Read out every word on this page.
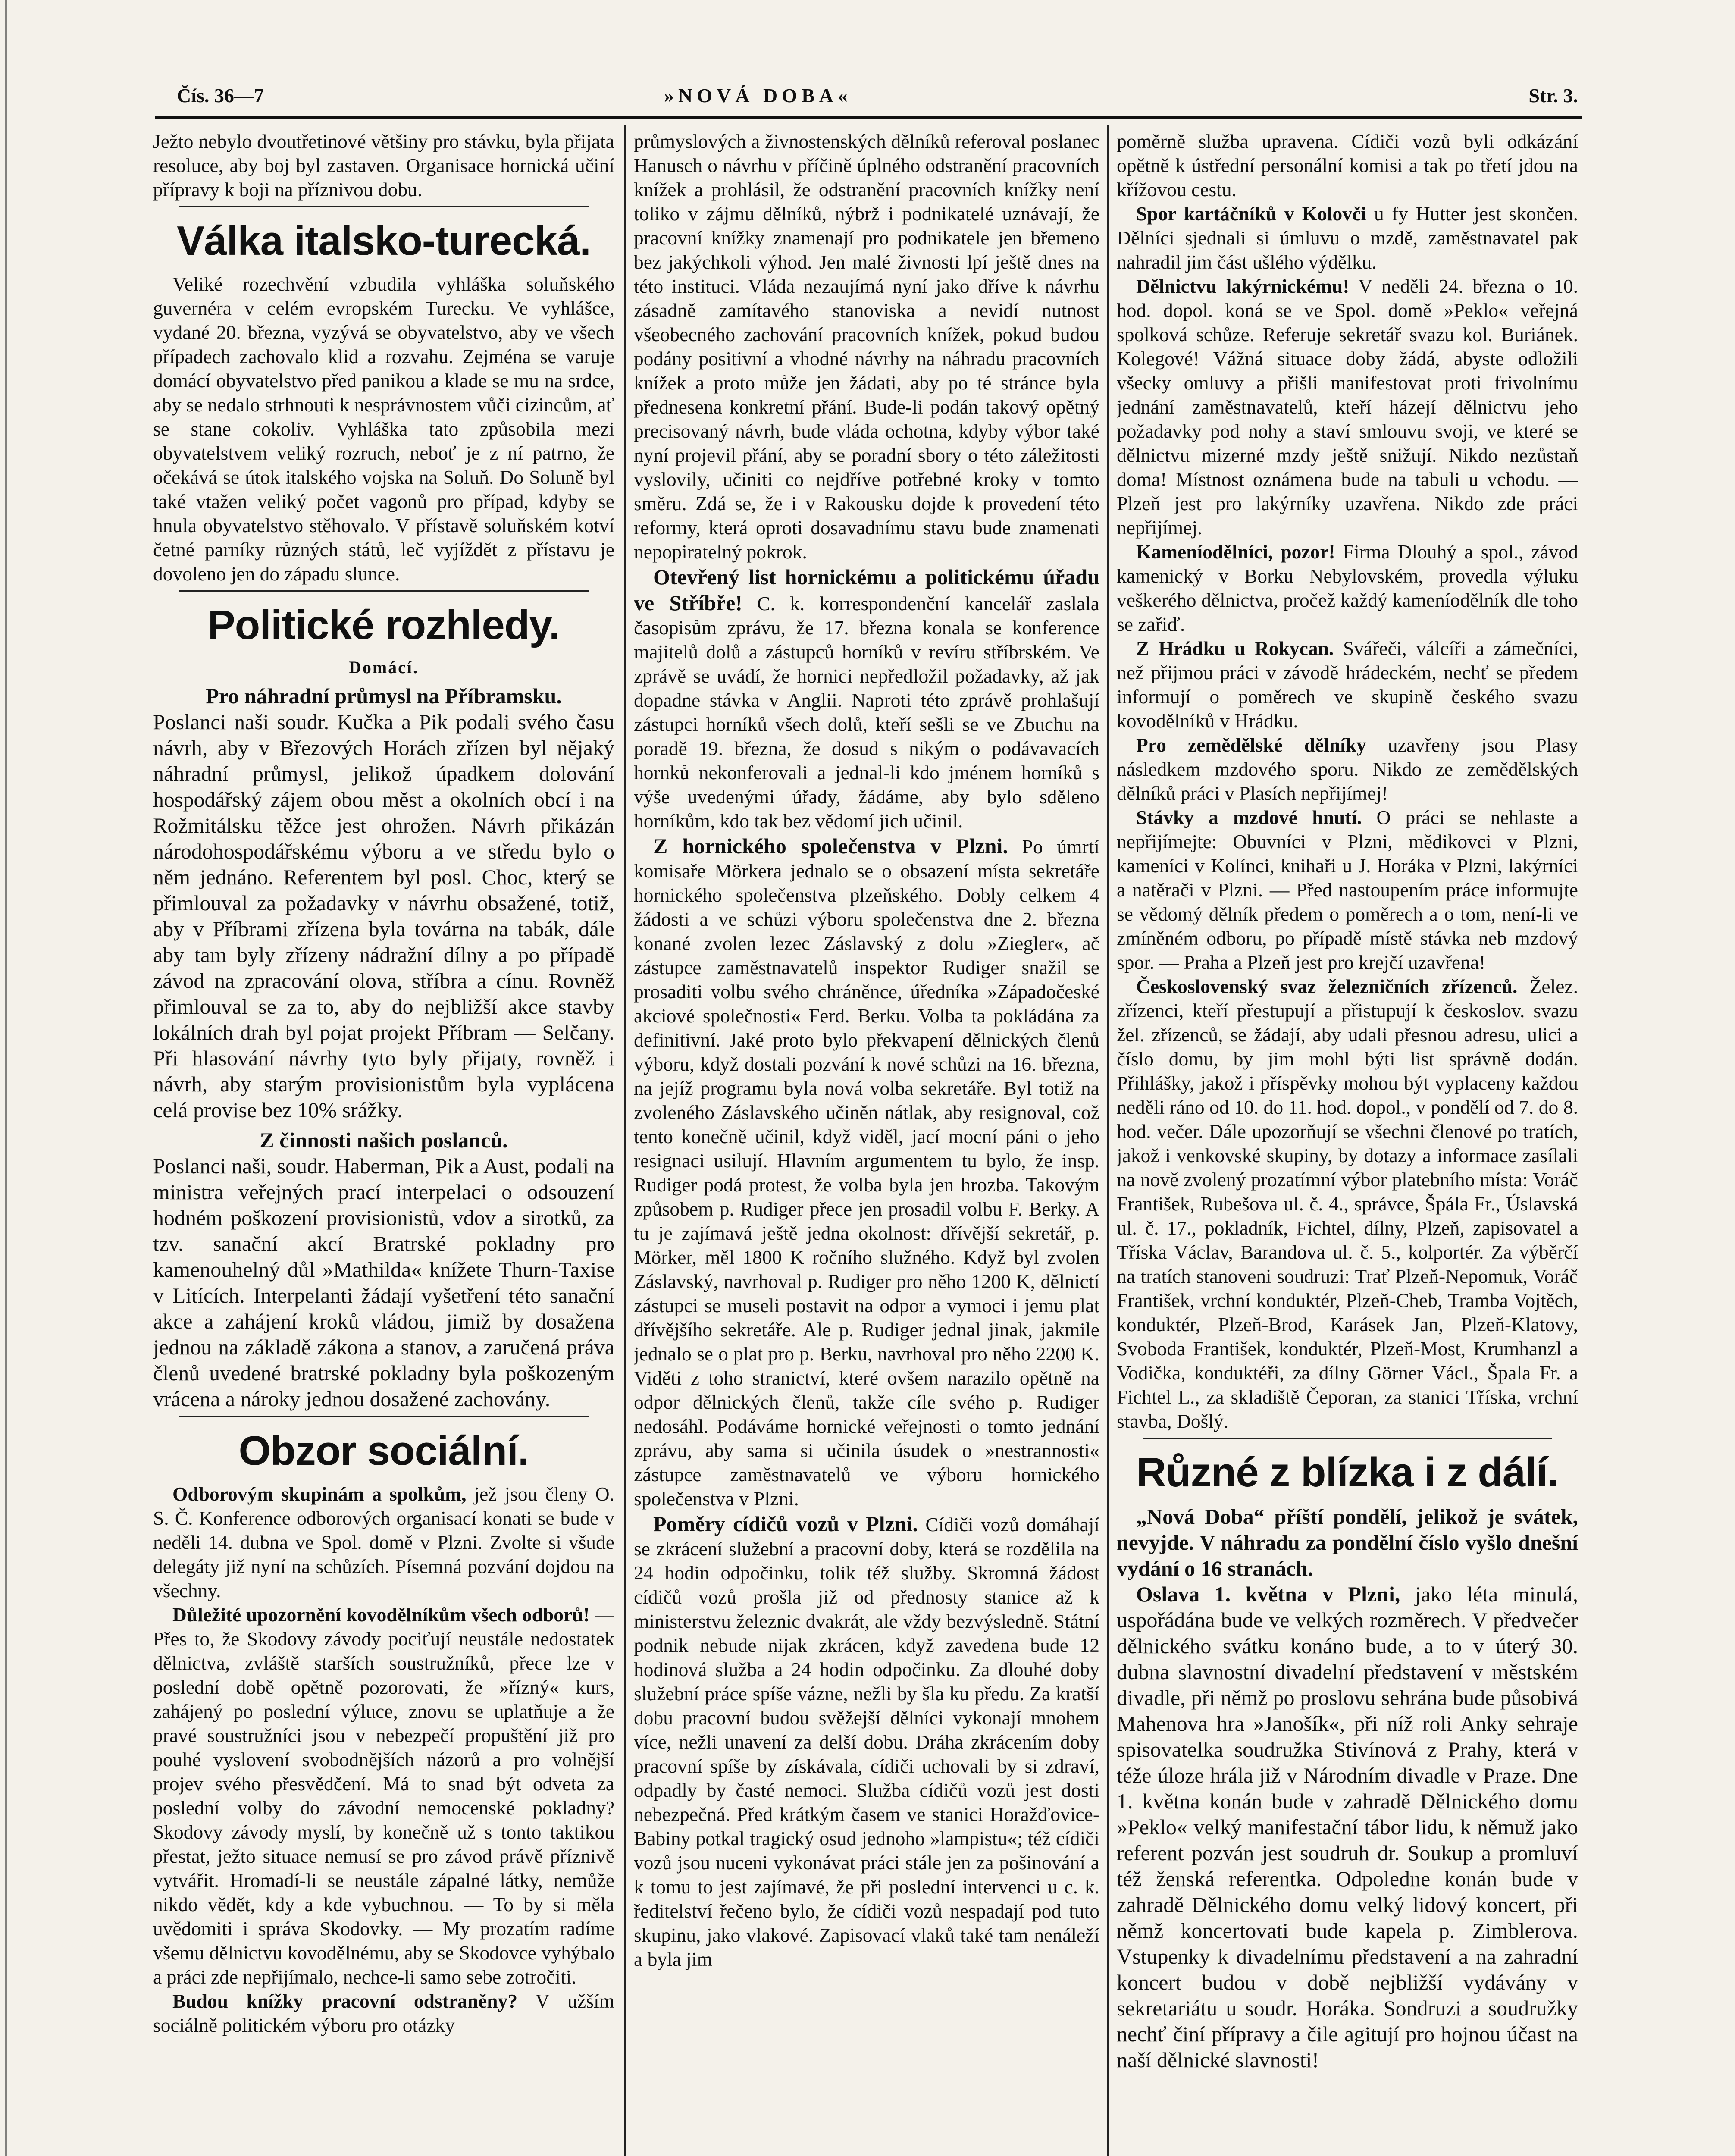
Čís. 36—7	»NOVÁ DOBA«	Str. 3.

Ježto nebylo dvoutřetinové většiny pro stávku, byla přijata resoluce, aby boj byl zastaven. Organisace hornická učiní přípravy k boji na příznivou dobu.

Válka italsko-turecká.

Veliké rozechvění vzbudila vyhláška soluňského guvernéra v celém evropském Turecku. Ve vyhlášce, vydané 20. března, vyzývá se obyvatelstvo, aby ve všech případech zachovalo klid a rozvahu. Zejména se varuje domácí obyvatelstvo před panikou a klade se mu na srdce, aby se nedalo strhnouti k nesprávnostem vůči cizincům, ať se stane cokoliv. Vyhláška tato způsobila mezi obyvatelstvem veliký rozruch, neboť je z ní patrno, že očekává se útok italského vojska na Soluň. Do Soluně byl také vtažen veliký počet vagonů pro případ, kdyby se hnula obyvatelstvo stěhovalo. V přístavě soluňském kotví četné parníky různých států, leč vyjíždět z přístavu je dovoleno jen do západu slunce.

Politické rozhledy.
Domácí.
Pro náhradní průmysl na Příbramsku.

Poslanci naši soudr. Kučka a Pik podali svého času návrh, aby v Březových Horách zřízen byl nějaký náhradní průmysl, jelikož úpadkem dolování hospodářský zájem obou měst a okolních obcí i na Rožmitálsku těžce jest ohrožen. Návrh přikázán národohospodářskému výboru a ve středu bylo o něm jednáno. Referentem byl posl. Choc, který se přimlouval za požadavky v návrhu obsažené, totiž, aby v Příbrami zřízena byla továrna na tabák, dále aby tam byly zřízeny nádražní dílny a po případě závod na zpracování olova, stříbra a cínu. Rovněž přimlouval se za to, aby do nejbližší akce stavby lokálních drah byl pojat projekt Příbram — Selčany. Při hlasování návrhy tyto byly přijaty, rovněž i návrh, aby starým provisionistům byla vyplácena celá provise bez 10% srážky.

Z činnosti našich poslanců.

Poslanci naši, soudr. Haberman, Pik a Aust, podali na ministra veřejných prací interpelaci o odsouzení hodném poškození provisionistů, vdov a sirotků, za tzv. sanační akcí Bratrské pokladny pro kamenouhelný důl »Mathilda« knížete Thurn-Taxise v Litících. Interpelanti žádají vyšetření této sanační akce a zahájení kroků vládou, jimiž by dosažena jednou na základě zákona a stanov, a zaručená práva členů uvedené bratrské pokladny byla poškozeným vrácena a nároky jednou dosažené zachovány.

Obzor sociální.

Odborovým skupinám a spolkům, jež jsou členy O. S. Č. Konference odborových organisací konati se bude v neděli 14. dubna ve Spol. domě v Plzni. Zvolte si všude delegáty již nyní na schůzích. Písemná pozvání dojdou na všechny.

Důležité upozornění kovodělníkům všech odborů! — Přes to, že Skodovy závody pociťují neustále nedostatek dělnictva, zvláště starších soustružníků, přece lze v poslední době opětně pozorovati, že »řízný« kurs, zahájený po poslední výluce, znovu se uplatňuje a že pravé soustružníci jsou v nebezpečí propuštění již pro pouhé vyslovení svobodnějších názorů a pro volnější projev svého přesvědčení. Má to snad být odveta za poslední volby do závodní nemocenské pokladny? Skodovy závody myslí, by konečně už s tonto taktikou přestat, ježto situace nemusí se pro závod právě příznivě vytvářit. Hromadí-li se neustále zápalné látky, nemůže nikdo vědět, kdy a kde vybuchnou. — To by si měla uvědomiti i správa Skodovky. — My prozatím radíme všemu dělnictvu kovodělnému, aby se Skodovce vyhýbalo a práci zde nepřijímalo, nechce-li samo sebe zotročiti.

Budou knížky pracovní odstraněny? V užším sociálně politickém výboru pro otázky

průmyslových a živnostenských dělníků referoval poslanec Hanusch o návrhu v příčině úplného odstranění pracovních knížek a prohlásil, že odstranění pracovních knížky není toliko v zájmu dělníků, nýbrž i podnikatelé uznávají, že pracovní knížky znamenají pro podnikatele jen břemeno bez jakýchkoli výhod. Jen malé živnosti lpí ještě dnes na této instituci. Vláda nezaujímá nyní jako dříve k návrhu zásadně zamítavého stanoviska a nevidí nutnost všeobecného zachování pracovních knížek, pokud budou podány positivní a vhodné návrhy na náhradu pracovních knížek a proto může jen žádati, aby po té stránce byla přednesena konkretní přání. Bude-li podán takový opětný precisovaný návrh, bude vláda ochotna, kdyby výbor také nyní projevil přání, aby se poradní sbory o této záležitosti vyslovily, učiniti co nejdříve potřebné kroky v tomto směru. Zdá se, že i v Rakousku dojde k provedení této reformy, která oproti dosavadnímu stavu bude znamenati nepopiratelný pokrok.

Otevřený list hornickému a politickému úřadu ve Stříbře! C. k. korrespondenční kancelář zaslala časopisům zprávu, že 17. března konala se konference majitelů dolů a zástupců horníků v revíru stříbrském. Ve zprávě se uvádí, že hornici nepředložil požadavky, až jak dopadne stávka v Anglii. Naproti této zprávě prohlašují zástupci horníků všech dolů, kteří sešli se ve Zbuchu na poradě 19. března, že dosud s nikým o podávavacích hornků nekonferovali a jednal-li kdo jménem horníků s výše uvedenými úřady, žádáme, aby bylo sděleno horníkům, kdo tak bez vědomí jich učinil.

Z hornického společenstva v Plzni. Po úmrtí komisaře Mörkera jednalo se o obsazení místa sekretáře hornického společenstva plzeňského. Dobly celkem 4 žádosti a ve schůzi výboru společenstva dne 2. března konané zvolen lezec Záslavský z dolu »Ziegler«, ač zástupce zaměstnavatelů inspektor Rudiger snažil se prosaditi volbu svého chráněnce, úředníka »Západočeské akciové společnosti« Ferd. Berku. Volba ta pokládána za definitivní. Jaké proto bylo překvapení dělnických členů výboru, když dostali pozvání k nové schůzi na 16. března, na jejíž programu byla nová volba sekretáře. Byl totiž na zvoleného Záslavského učiněn nátlak, aby resignoval, což tento konečně učinil, když viděl, jací mocní páni o jeho resignaci usilují. Hlavním argumentem tu bylo, že insp. Rudiger podá protest, že volba byla jen hrozba. Takovým způsobem p. Rudiger přece jen prosadil volbu F. Berky. A tu je zajímavá ještě jedna okolnost: dřívější sekretář, p. Mörker, měl 1800 K ročního služného. Když byl zvolen Záslavský, navrhoval p. Rudiger pro něho 1200 K, dělnictí zástupci se museli postavit na odpor a vymoci i jemu plat dřívějšího sekretáře. Ale p. Rudiger jednal jinak, jakmile jednalo se o plat pro p. Berku, navrhoval pro něho 2200 K. Viděti z toho stranictví, které ovšem narazilo opětně na odpor dělnických členů, takže cíle svého p. Rudiger nedosáhl. Podáváme hornické veřejnosti o tomto jednání zprávu, aby sama si učinila úsudek o »nestrannosti« zástupce zaměstnavatelů ve výboru hornického společenstva v Plzni.

Poměry cídičů vozů v Plzni. Cídiči vozů domáhají se zkrácení služební a pracovní doby, která se rozdělila na 24 hodin odpočinku, tolik též služby. Skromná žádost cídičů vozů prošla již od přednosty stanice až k ministerstvu železnic dvakrát, ale vždy bezvýsledně. Státní podnik nebude nijak zkrácen, když zavedena bude 12 hodinová služba a 24 hodin odpočinku. Za dlouhé doby služební práce spíše vázne, nežli by šla ku předu. Za kratší dobu pracovní budou svěžejší dělníci vykonají mnohem více, nežli unavení za delší dobu. Dráha zkrácením doby pracovní spíše by získávala, cídiči uchovali by si zdraví, odpadly by časté nemoci. Služba cídičů vozů jest dosti nebezpečná. Před krátkým časem ve stanici Horažďovice-Babiny potkal tragický osud jednoho »lampistu«; též cídiči vozů jsou nuceni vykonávat práci stále jen za pošinování a k tomu to jest zajímavé, že při poslední intervenci u c. k. ředitelství řečeno bylo, že cídiči vozů nespadají pod tuto skupinu, jako vlakové. Zapisovací vlaků také tam nenáleží a byla jim

poměrně služba upravena. Cídiči vozů byli odkázání opětně k ústřední personální komisi a tak po třetí jdou na křížovou cestu.

Spor kartáčníků v Kolovči u fy Hutter jest skončen. Dělníci sjednali si úmluvu o mzdě, zaměstnavatel pak nahradil jim část ušlého výdělku.

Dělnictvu lakýrnickému! V neděli 24. března o 10. hod. dopol. koná se ve Spol. domě »Peklo« veřejná spolková schůze. Referuje sekretář svazu kol. Buriánek. Kolegové! Vážná situace doby žádá, abyste odložili všecky omluvy a přišli manifestovat proti frivolnímu jednání zaměstnavatelů, kteří házejí dělnictvu jeho požadavky pod nohy a staví smlouvu svoji, ve které se dělnictvu mizerné mzdy ještě snižují. Nikdo nezůstaň doma! Místnost oznámena bude na tabuli u vchodu. — Plzeň jest pro lakýrníky uzavřena. Nikdo zde práci nepřijímej.

Kameníodělníci, pozor! Firma Dlouhý a spol., závod kamenický v Borku Nebylovském, provedla výluku veškerého dělnictva, pročež každý kameníodělník dle toho se zařiď.

Z Hrádku u Rokycan. Svářeči, válcíři a zámečníci, než přijmou práci v závodě hrádeckém, nechť se předem informují o poměrech ve skupině českého svazu kovodělníků v Hrádku.

Pro zemědělské dělníky uzavřeny jsou Plasy následkem mzdového sporu. Nikdo ze zemědělských dělníků práci v Plasích nepřijímej!

Stávky a mzdové hnutí. O práci se nehlaste a nepřijímejte: Obuvníci v Plzni, mědikovci v Plzni, kameníci v Kolínci, knihaři u J. Horáka v Plzni, lakýrníci a natěrači v Plzni. — Před nastoupením práce informujte se vědomý dělník předem o poměrech a o tom, není-li ve zmíněném odboru, po případě místě stávka neb mzdový spor. — Praha a Plzeň jest pro krejčí uzavřena!

Československý svaz železničních zřízenců. Želez. zřízenci, kteří přestupují a přistupují k českoslov. svazu žel. zřízenců, se žádají, aby udali přesnou adresu, ulici a číslo domu, by jim mohl býti list správně dodán. Přihlášky, jakož i příspěvky mohou být vyplaceny každou neděli ráno od 10. do 11. hod. dopol., v pondělí od 7. do 8. hod. večer. Dále upozorňují se všechni členové po tratích, jakož i venkovské skupiny, by dotazy a informace zasílali na nově zvolený prozatímní výbor platebního místa: Voráč František, Rubešova ul. č. 4., správce, Špála Fr., Úslavská ul. č. 17., pokladník, Fichtel, dílny, Plzeň, zapisovatel a Tříska Václav, Barandova ul. č. 5., kolportér. Za výběrčí na tratích stanoveni soudruzi: Trať Plzeň-Nepomuk, Voráč František, vrchní konduktér, Plzeň-Cheb, Tramba Vojtěch, konduktér, Plzeň-Brod, Karásek Jan, Plzeň-Klatovy, Svoboda František, konduktér, Plzeň-Most, Krumhanzl a Vodička, konduktéři, za dílny Görner Václ., Špala Fr. a Fichtel L., za skladiště Čeporan, za stanici Tříska, vrchní stavba, Došlý.

Různé z blízka i z dálí.

„Nová Doba“ příští pondělí, jelikož je svátek, nevyjde. V náhradu za pondělní číslo vyšlo dnešní vydání o 16 stranách.

Oslava 1. května v Plzni, jako léta minulá, uspořádána bude ve velkých rozměrech. V předvečer dělnického svátku konáno bude, a to v úterý 30. dubna slavnostní divadelní představení v městském divadle, při němž po proslovu sehrána bude působivá Mahenova hra »Janošík«, při níž roli Anky sehraje spisovatelka soudružka Stivínová z Prahy, která v téže úloze hrála již v Národním divadle v Praze. Dne 1. května konán bude v zahradě Dělnického domu »Peklo« velký manifestační tábor lidu, k němuž jako referent pozván jest soudruh dr. Soukup a promluví též ženská referentka. Odpoledne konán bude v zahradě Dělnického domu velký lidový koncert, při němž koncertovati bude kapela p. Zimblerova. Vstupenky k divadelnímu představení a na zahradní koncert budou v době nejbližší vydávány v sekretariátu u soudr. Horáka. Sondruzi a soudružky nechť činí přípravy a čile agitují pro hojnou účast na naší dělnické slavnosti!
